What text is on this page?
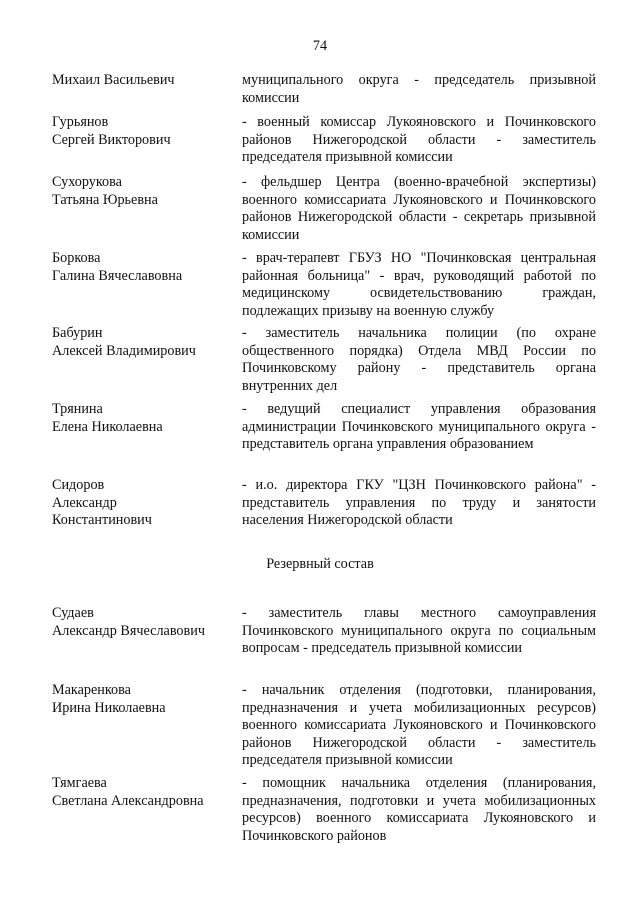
74
Михаил Васильевич	муниципального округа - председатель призывной комиссии
Гурьянов
Сергей Викторович
- военный комиссар Лукояновского и Починковского районов Нижегородской области - заместитель председателя призывной комиссии
Сухорукова
Татьяна Юрьевна
- фельдшер Центра (военно-врачебной экспертизы) военного комиссариата Лукояновского и Починковского районов Нижегородской области - секретарь призывной комиссии
Боркова
Галина Вячеславовна
- врач-терапевт ГБУЗ НО "Починковская центральная районная больница" - врач, руководящий работой по медицинскому освидетельствованию граждан, подлежащих призыву на военную службу
Бабурин
Алексей Владимирович
- заместитель начальника полиции (по охране общественного порядка) Отдела МВД России по Починковскому району - представитель органа внутренних дел
Трянина
Елена Николаевна
- ведущий специалист управления образования администрации Починковского муниципального округа - представитель органа управления образованием
Сидоров
Александр
Константинович
- и.о. директора ГКУ "ЦЗН Починковского района" - представитель управления по труду и занятости населения Нижегородской области
Резервный состав
Судаев
Александр Вячеславович
- заместитель главы местного самоуправления Починковского муниципального округа по социальным вопросам - председатель призывной комиссии
Макаренкова
Ирина Николаевна
- начальник отделения (подготовки, планирования, предназначения и учета мобилизационных ресурсов) военного комиссариата Лукояновского и Починковского районов Нижегородской области - заместитель председателя призывной комиссии
Тямгаева
Светлана Александровна
- помощник начальника отделения (планирования, предназначения, подготовки и учета мобилизационных ресурсов) военного комиссариата Лукояновского и Починковского районов
